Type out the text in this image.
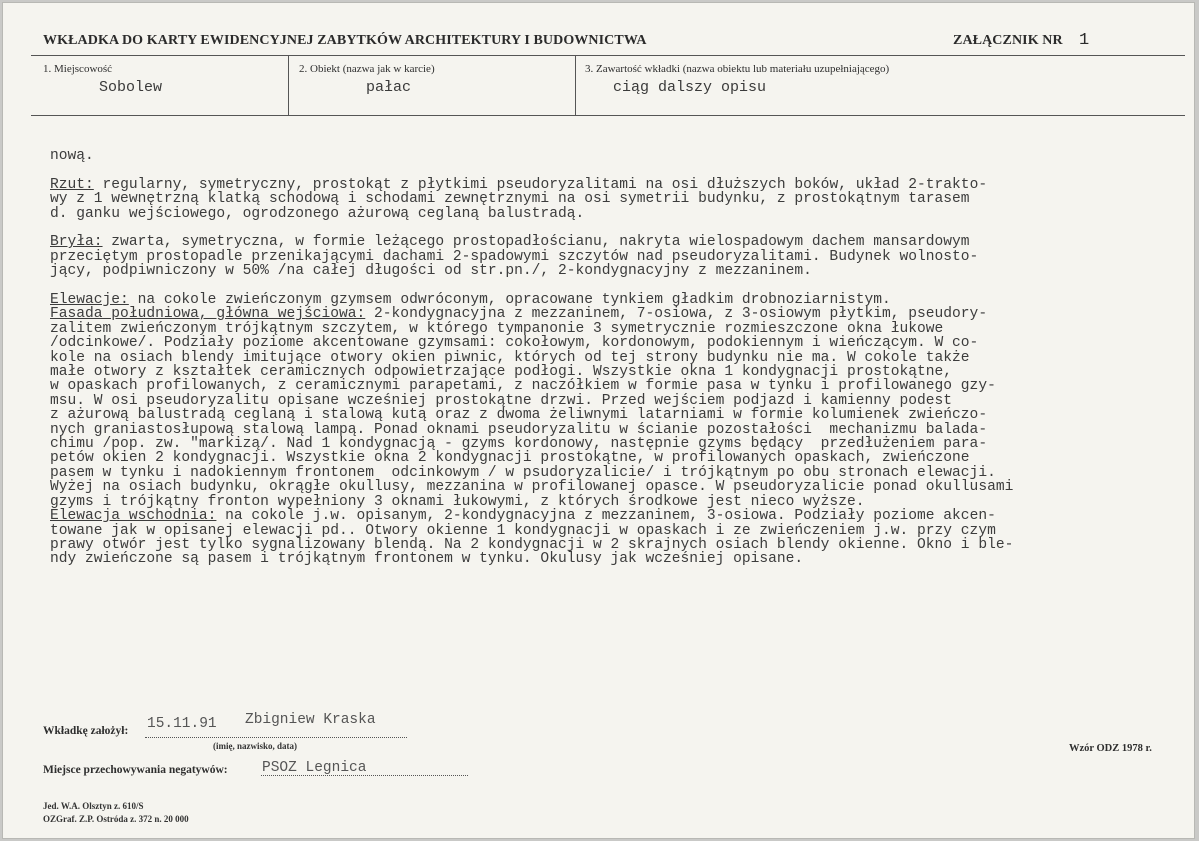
WKŁADKA DO KARTY EWIDENCYJNEJ ZABYTKÓW ARCHITEKTURY I BUDOWNICTWA	ZAŁĄCZNIK NR 1
1. Miejscowość
Sobolew
2. Obiekt (nazwa jak w karcie)
pałac
3. Zawartość wkładki (nazwa obiektu lub materiału uzupełniającego)
ciąg dalszy opisu
nową.

Rzut: regularny, symetryczny, prostokąt z płytkimi pseudoryzalitami na osi dłuższych boków, układ 2-trakto-
wy z 1 wewnętrzną klatką schodową i schodami zewnętrznymi na osi symetrii budynku, z prostokątnym tarasem
d. ganku wejściowego, ogrodzonego ażurową ceglaną balustradą.

Bryła: zwarta, symetryczna, w formie leżącego prostopadłościanu, nakryta wielospadowym dachem mansardowym
przeciętym prostopadle przenikającymi dachami 2-spadowymi szczytów nad pseudoryzalitami. Budynek wolnosto-
jący, podpiwniczony w 50% /na całej długości od str.pn./, 2-kondygnacyjny z mezzaninem.

Elewacje: na cokole zwieńczonym gzymsem odwróconym, opracowane tynkiem gładkim drobnoziarnistym.
Fasada południowa, główna wejściowa: 2-kondygnacyjna z mezzaninem, 7-osiowa, z 3-osiowym płytkim, pseudory-
zalitem zwieńczonym trójkątnym szczytem, w którego tympanonie 3 symetrycznie rozmieszczone okna łukowe
/odcinkowe/. Podziały poziome akcentowane gzymsami: cokołowym, kordonowym, podokiennym i wieńczącym. W co-
kole na osiach blendy imitujące otwory okien piwnic, których od tej strony budynku nie ma. W cokole także
małe otwory z kształtek ceramicznych odpowietrzające podłogi. Wszystkie okna 1 kondygnacji prostokątne,
w opaskach profilowanych, z ceramicznymi parapetami, z naczółkiem w formie pasa w tynku i profilowanego gzy-
msu. W osi pseudoryzalitu opisane wcześniej prostokątne drzwi. Przed wejściem podjazd i kamienny podest
z ażurową balustradą ceglaną i stalową kutą oraz z dwoma żeliwnymi latarniami w formie kolumienek zwieńczo-
nych graniastosłupową stalową lampą. Ponad oknami pseudoryzalitu w ścianie pozostałości  mechanizmu balada-
chimu /pop. zw. "markizą/. Nad 1 kondygnacją - gzyms kordonowy, następnie gzyms będący  przedłużeniem para-
petów okien 2 kondygnacji. Wszystkie okna 2 kondygnacji prostokątne, w profilowanych opaskach, zwieńczone
pasem w tynku i nadokiennym frontonem  odcinkowym / w psudoryzalicie/ i trójkątnym po obu stronach elewacji.
Wyżej na osiach budynku, okrągłe okullusy, mezzanina w profilowanej opasce. W pseudoryzalicie ponad okullusami
gzyms i trójkątny fronton wypełniony 3 oknami łukowymi, z których środkowe jest nieco wyższe.
Elewacja wschodnia: na cokole j.w. opisanym, 2-kondygnacyjna z mezzaninem, 3-osiowa. Podziały poziome akcen-
towane jak w opisanej elewacji pd.. Otwory okienne 1 kondygnacji w opaskach i ze zwieńczeniem j.w. przy czym
prawy otwór jest tylko sygnalizowany blendą. Na 2 kondygnacji w 2 skrajnych osiach blendy okienne. Okno i ble-
ndy zwieńczone są pasem i trójkątnym frontonem w tynku. Okulusy jak wcześniej opisane.
Wkładkę założył: 15.11.91 Zbigniew Kraska
(imię, nazwisko, data)	Wzór ODZ 1978 r.
Miejsce przechowywania negatywów: PSOZ Legnica
Jed. W.A. Olsztyn z. 610/S
OZGraf. Z.P. Ostróda z. 372 n. 20 000
